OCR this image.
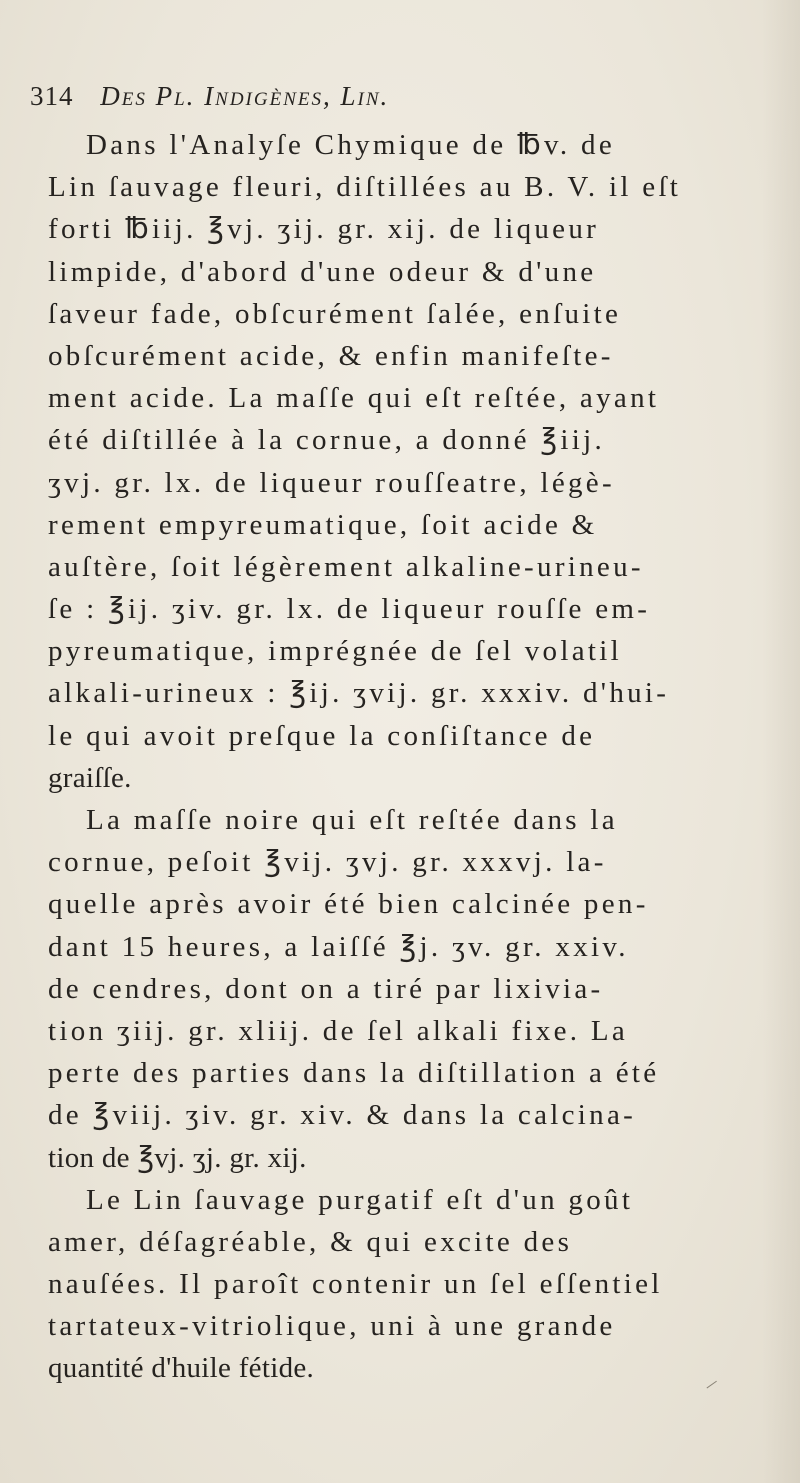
314 Des Pl. Indigènes, Lin.
Dans l'Analyſe Chymique de ℔v. de
Lin ſauvage fleuri, diſtillées au B. V. il eſt
forti ℔iij. ℥vj. ʒij. gr. xij. de liqueur
limpide, d'abord d'une odeur & d'une
ſaveur fade, obſcurément ſalée, enſuite
obſcurément acide, & enfin manifeſte-
ment acide. La maſſe qui eſt reſtée, ayant
été diſtillée à la cornue, a donné ℥iij.
ʒvj. gr. lx. de liqueur rouſſeatre, légè-
rement empyreumatique, ſoit acide &
auſtère, ſoit légèrement alkaline-urineu-
ſe : ℥ij. ʒiv. gr. lx. de liqueur rouſſe em-
pyreumatique, imprégnée de ſel volatil
alkali-urineux : ℥ij. ʒvij. gr. xxxiv. d'hui-
le qui avoit preſque la conſiſtance de
graiſſe.
La maſſe noire qui eſt reſtée dans la
cornue, peſoit ℥vij. ʒvj. gr. xxxvj. la-
quelle après avoir été bien calcinée pen-
dant 15 heures, a laiſſé ℥j. ʒv. gr. xxiv.
de cendres, dont on a tiré par lixivia-
tion ʒiij. gr. xliij. de ſel alkali fixe. La
perte des parties dans la diſtillation a été
de ℥viij. ʒiv. gr. xiv. & dans la calcina-
tion de ℥vj. ʒj. gr. xij.
Le Lin ſauvage purgatif eſt d'un goût
amer, déſagréable, & qui excite des
nauſées. Il paroît contenir un ſel eſſentiel
tartateux-vitriolique, uni à une grande
quantité d'huile fétide.
